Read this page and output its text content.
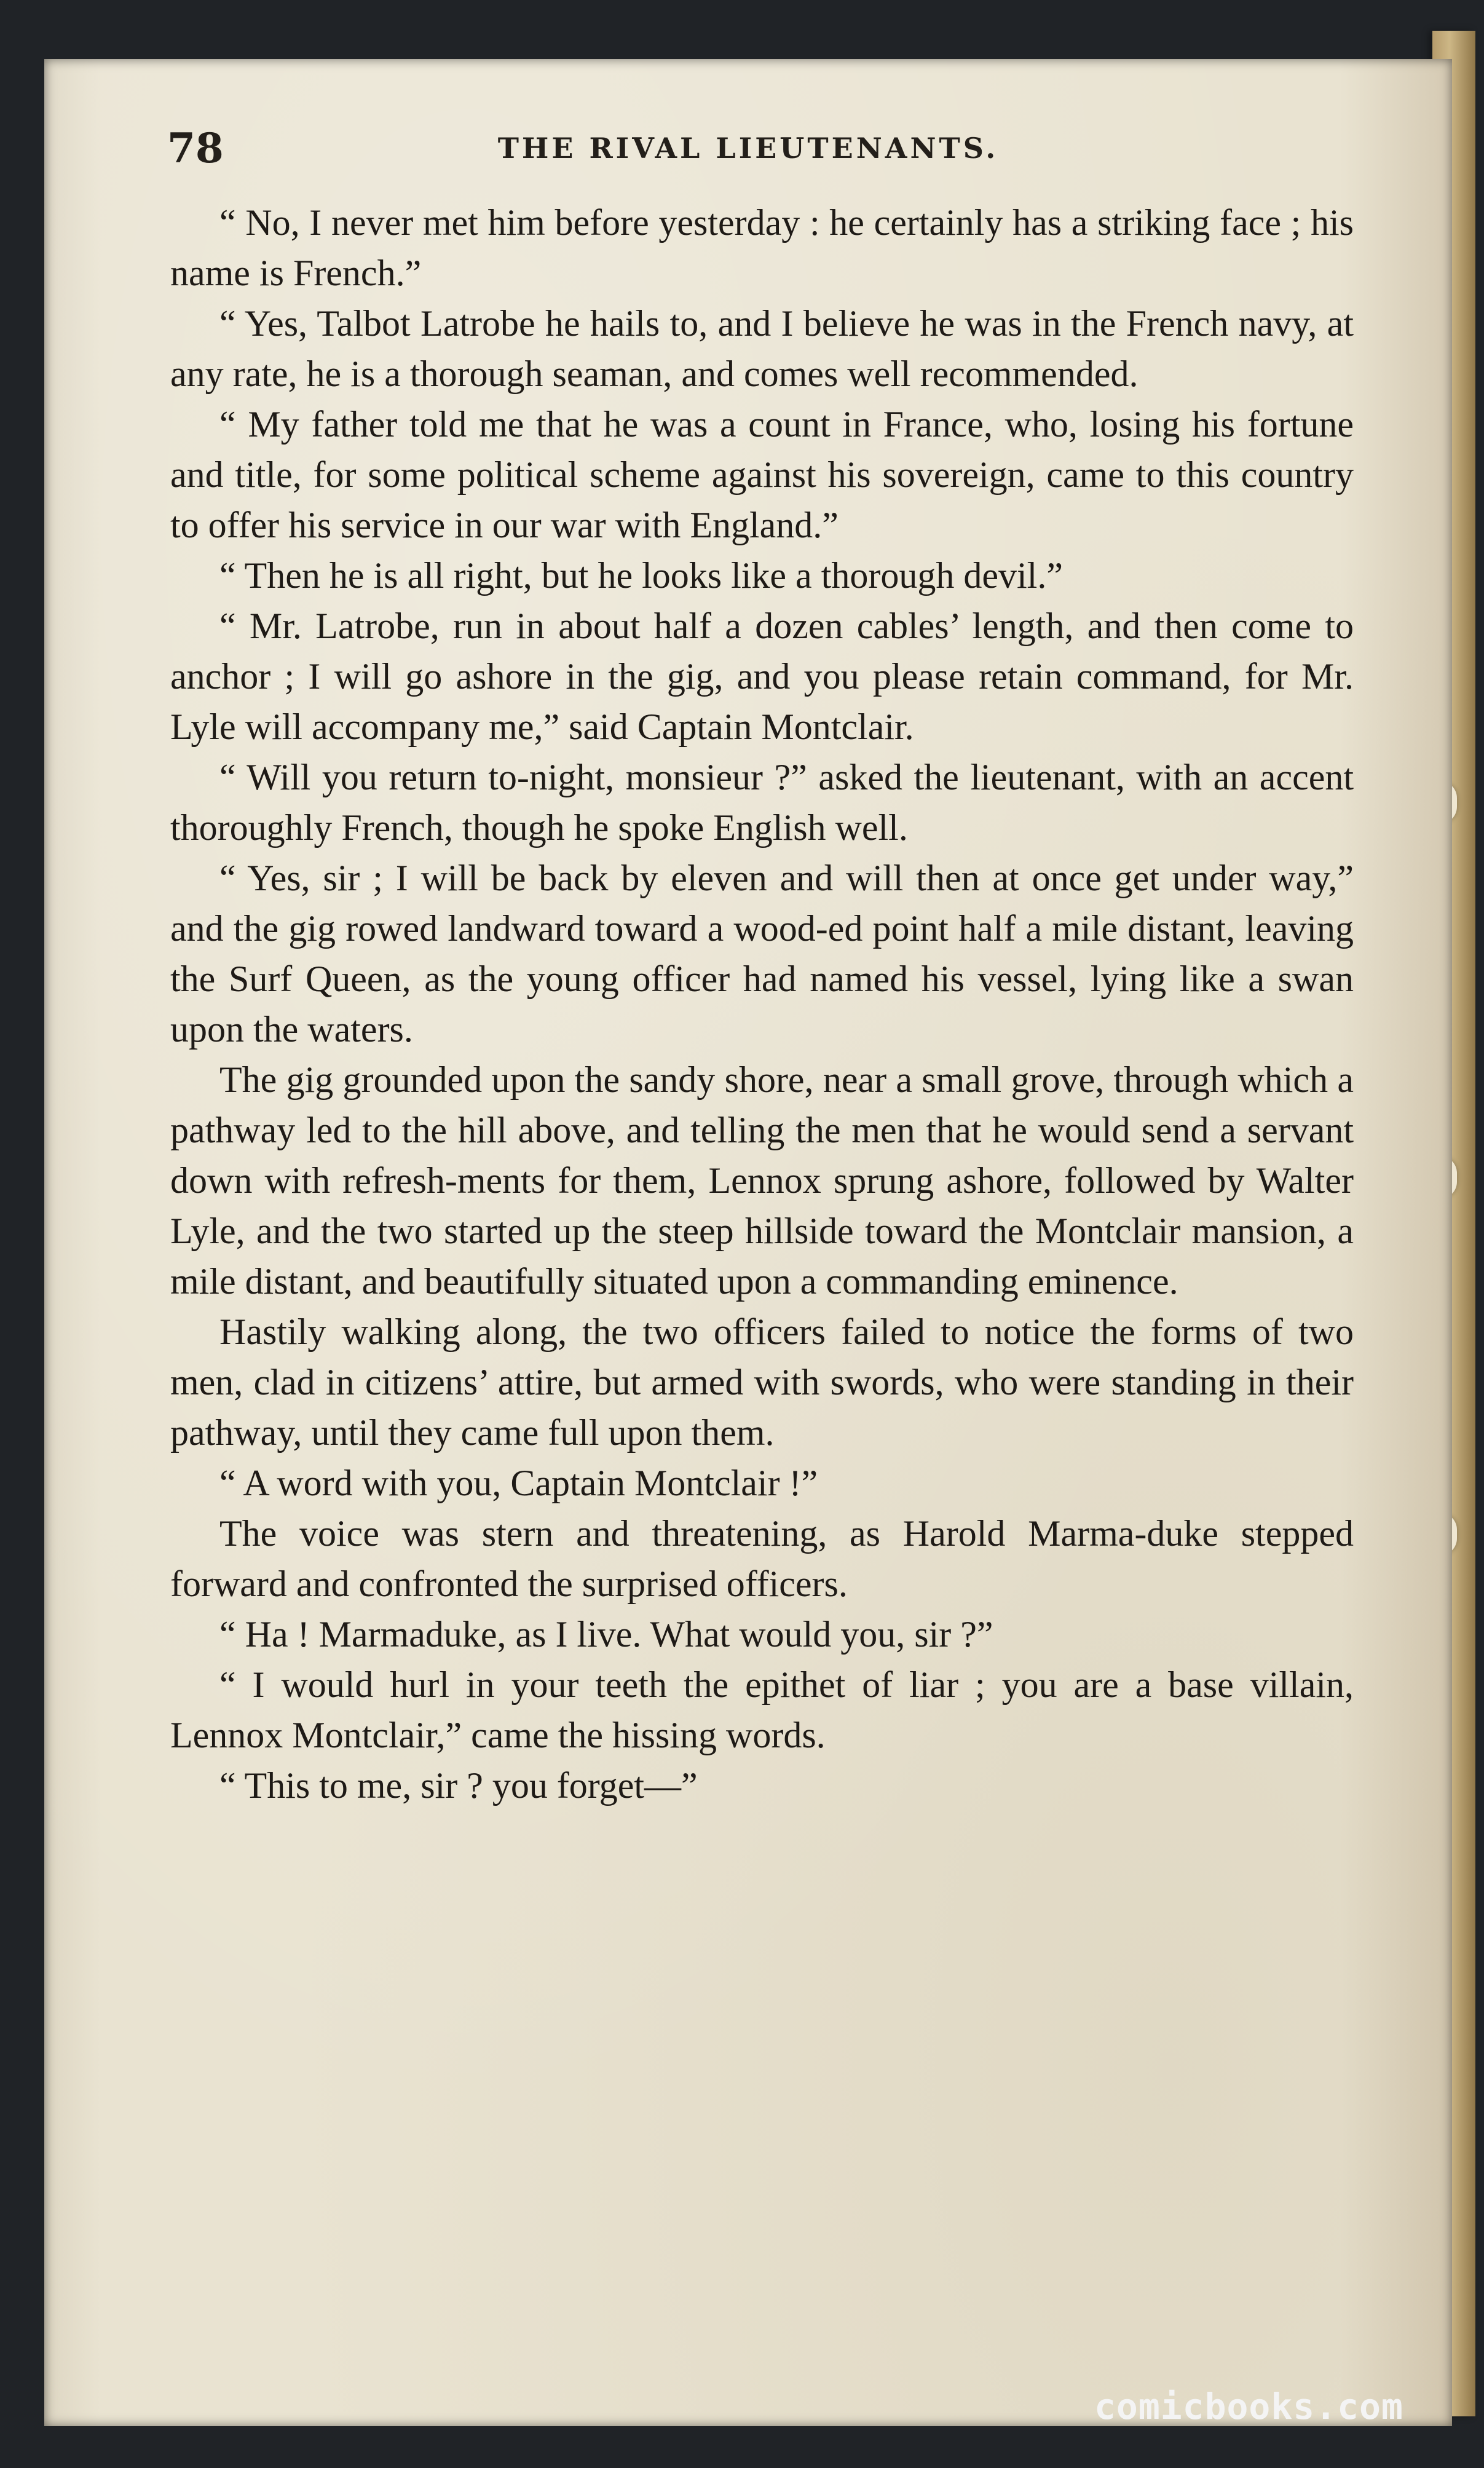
78	THE RIVAL LIEUTENANTS.

“ No, I never met him before yesterday : he certainly has a striking face ; his name is French.”

“ Yes, Talbot Latrobe he hails to, and I believe he was in the French navy, at any rate, he is a thorough seaman, and comes well recommended.

“ My father told me that he was a count in France, who, losing his fortune and title, for some political scheme against his sovereign, came to this country to offer his service in our war with England.”

“ Then he is all right, but he looks like a thorough devil.”

“ Mr. Latrobe, run in about half a dozen cables’ length, and then come to anchor ; I will go ashore in the gig, and you please retain command, for Mr. Lyle will accompany me,” said Captain Montclair.

“ Will you return to-night, monsieur ?” asked the lieutenant, with an accent thoroughly French, though he spoke English well.

“ Yes, sir ; I will be back by eleven and will then at once get under way,” and the gig rowed landward toward a wood-ed point half a mile distant, leaving the Surf Queen, as the young officer had named his vessel, lying like a swan upon the waters.

The gig grounded upon the sandy shore, near a small grove, through which a pathway led to the hill above, and telling the men that he would send a servant down with refresh-ments for them, Lennox sprung ashore, followed by Walter Lyle, and the two started up the steep hillside toward the Montclair mansion, a mile distant, and beautifully situated upon a commanding eminence.

Hastily walking along, the two officers failed to notice the forms of two men, clad in citizens’ attire, but armed with swords, who were standing in their pathway, until they came full upon them.

“ A word with you, Captain Montclair !”

The voice was stern and threatening, as Harold Marma-duke stepped forward and confronted the surprised officers.

“ Ha ! Marmaduke, as I live. What would you, sir ?”

“ I would hurl in your teeth the epithet of liar ; you are a base villain, Lennox Montclair,” came the hissing words.

“ This to me, sir ? you forget—”

comicbooks.com
